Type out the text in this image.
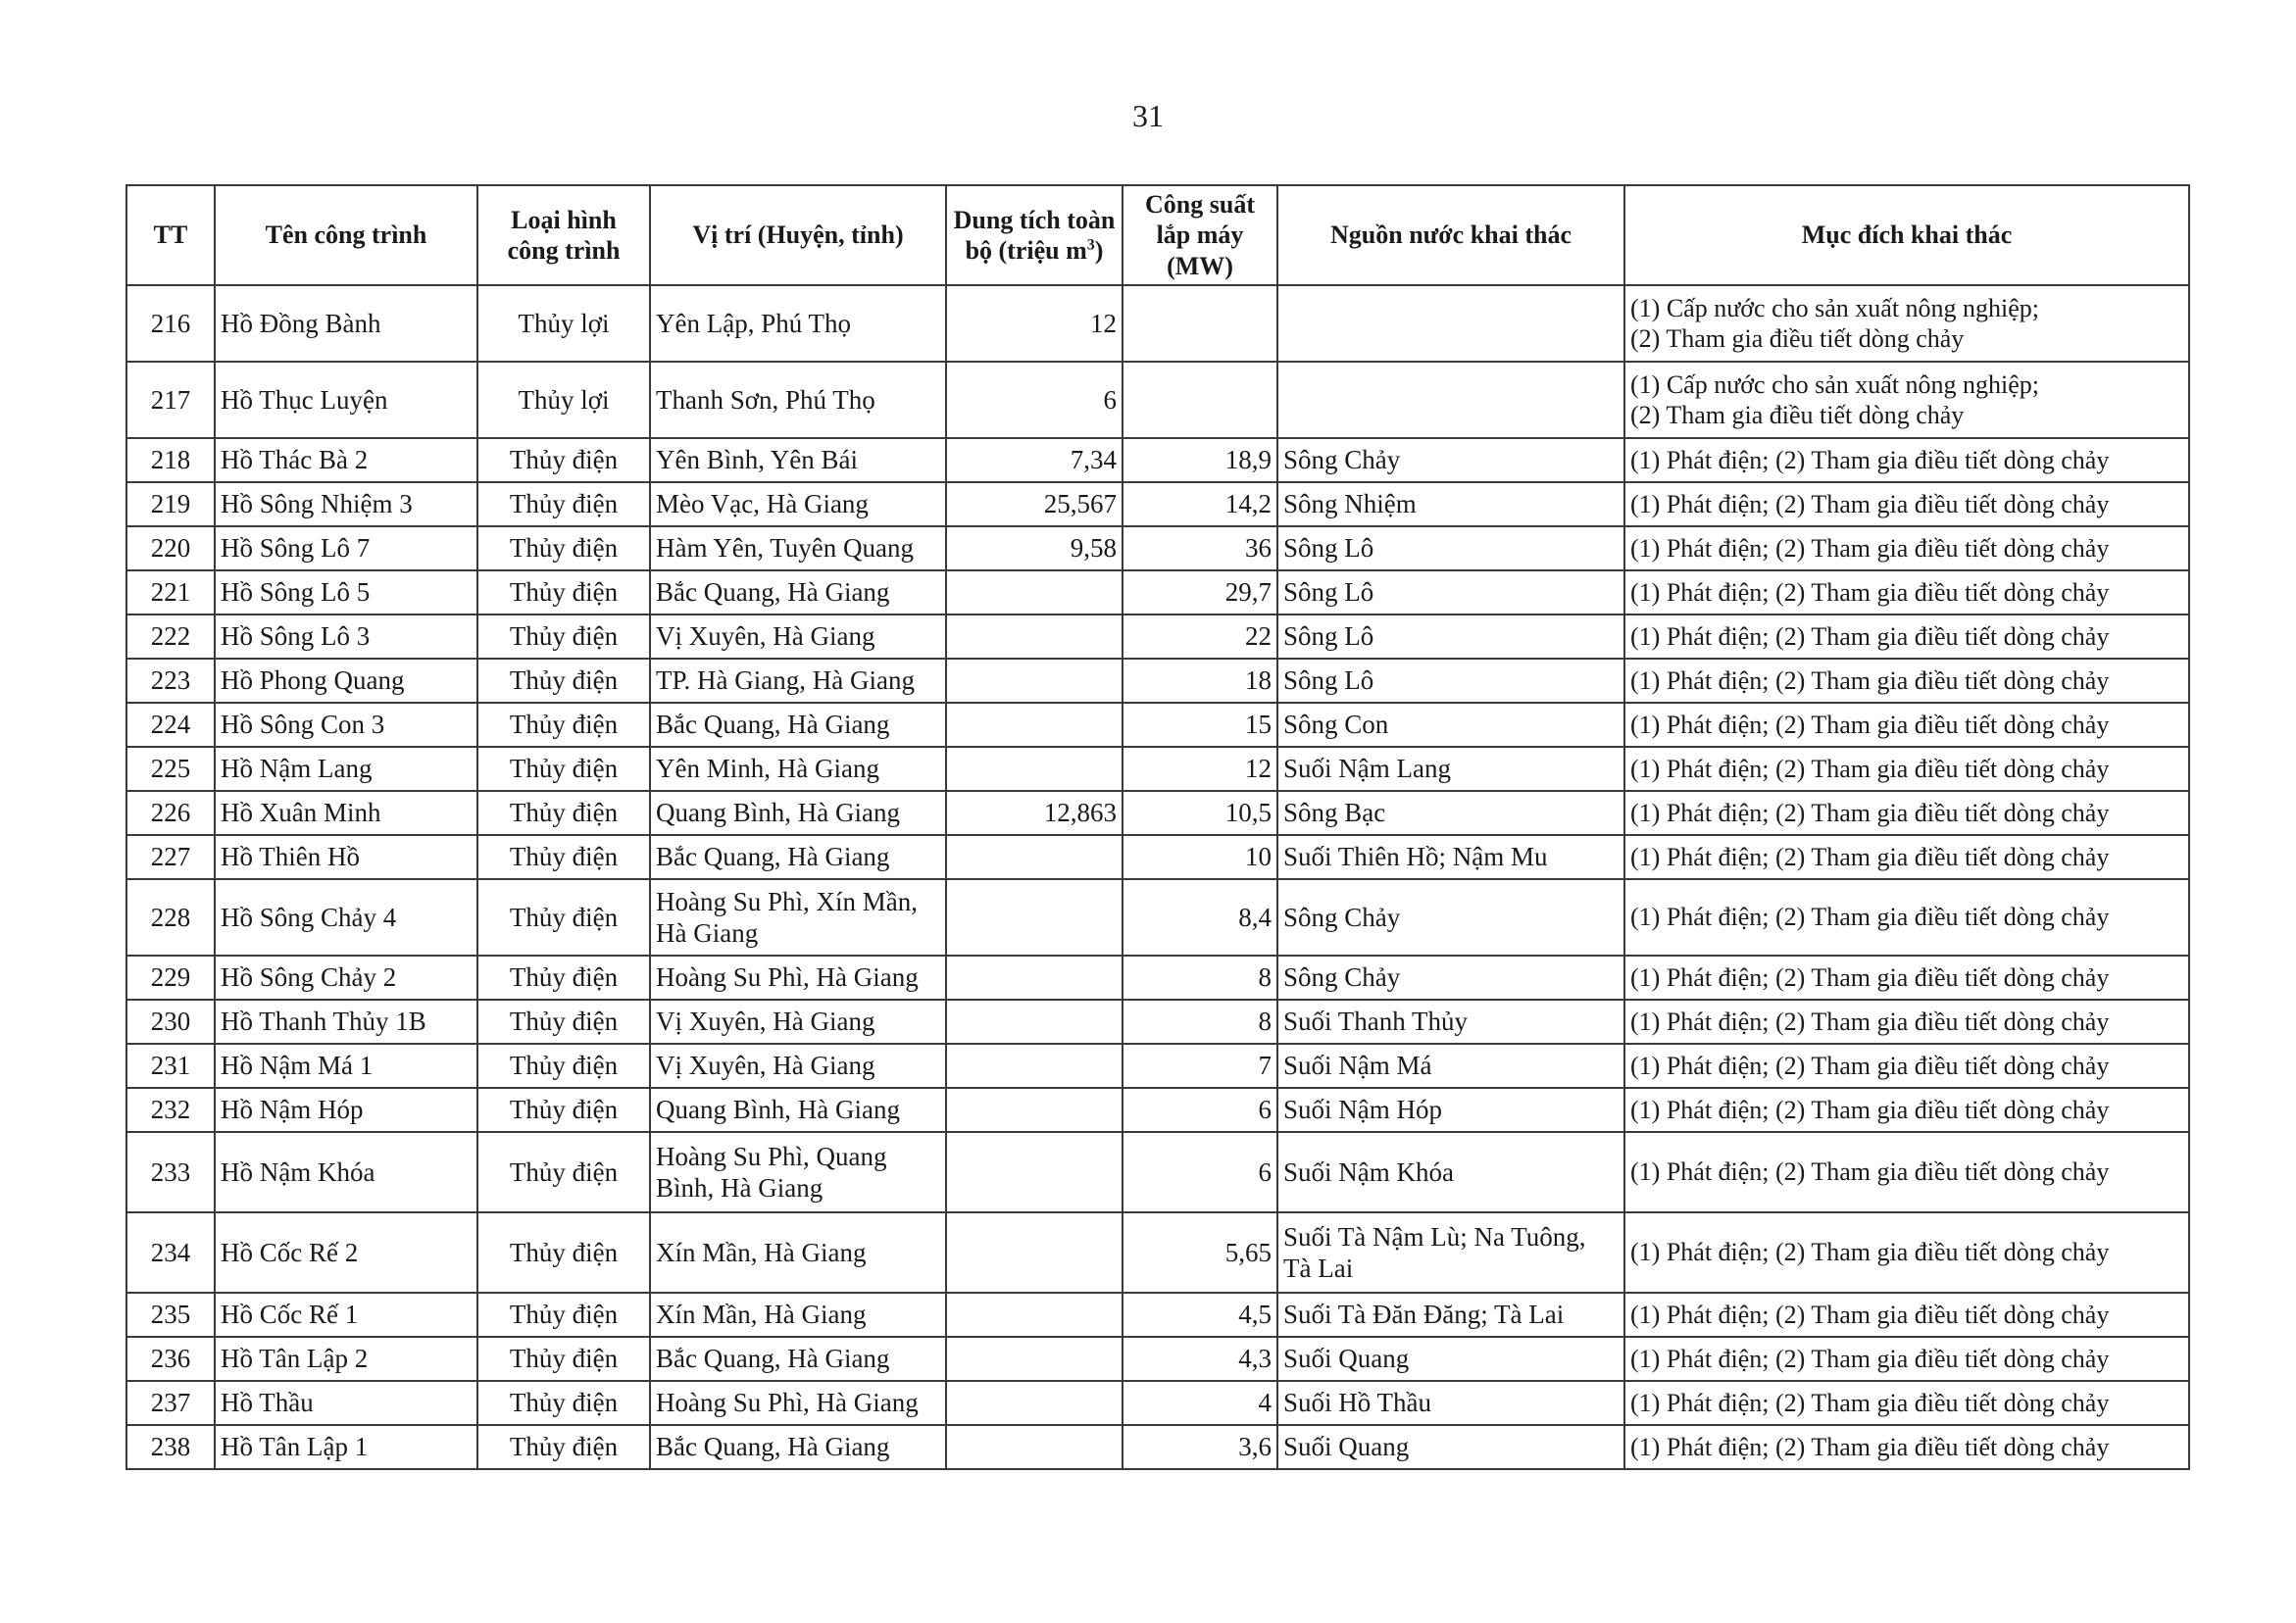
31
TT	Tên công trình	Loại hình công trình	Vị trí (Huyện, tỉnh)	Dung tích toàn bộ (triệu $m^3$)	Công suất lắp máy (MW)	Nguồn nước khai thác	Mục đích khai thác
216	Hồ Đồng Bành	Thủy lợi	Yên Lập, Phú Thọ	12			(1) Cấp nước cho sản xuất nông nghiệp;
(2) Tham gia điều tiết dòng chảy
217	Hồ Thục Luyện	Thủy lợi	Thanh Sơn, Phú Thọ	6			(1) Cấp nước cho sản xuất nông nghiệp;
(2) Tham gia điều tiết dòng chảy
218	Hồ Thác Bà 2	Thủy điện	Yên Bình, Yên Bái	7,34	18,9	Sông Chảy	(1) Phát điện; (2) Tham gia điều tiết dòng chảy
219	Hồ Sông Nhiệm 3	Thủy điện	Mèo Vạc, Hà Giang	25,567	14,2	Sông Nhiệm	(1) Phát điện; (2) Tham gia điều tiết dòng chảy
220	Hồ Sông Lô 7	Thủy điện	Hàm Yên, Tuyên Quang	9,58	36	Sông Lô	(1) Phát điện; (2) Tham gia điều tiết dòng chảy
221	Hồ Sông Lô 5	Thủy điện	Bắc Quang, Hà Giang		29,7	Sông Lô	(1) Phát điện; (2) Tham gia điều tiết dòng chảy
222	Hồ Sông Lô 3	Thủy điện	Vị Xuyên, Hà Giang		22	Sông Lô	(1) Phát điện; (2) Tham gia điều tiết dòng chảy
223	Hồ Phong Quang	Thủy điện	TP. Hà Giang, Hà Giang		18	Sông Lô	(1) Phát điện; (2) Tham gia điều tiết dòng chảy
224	Hồ Sông Con 3	Thủy điện	Bắc Quang, Hà Giang		15	Sông Con	(1) Phát điện; (2) Tham gia điều tiết dòng chảy
225	Hồ Nậm Lang	Thủy điện	Yên Minh, Hà Giang		12	Suối Nậm Lang	(1) Phát điện; (2) Tham gia điều tiết dòng chảy
226	Hồ Xuân Minh	Thủy điện	Quang Bình, Hà Giang	12,863	10,5	Sông Bạc	(1) Phát điện; (2) Tham gia điều tiết dòng chảy
227	Hồ Thiên Hồ	Thủy điện	Bắc Quang, Hà Giang		10	Suối Thiên Hồ; Nậm Mu	(1) Phát điện; (2) Tham gia điều tiết dòng chảy
228	Hồ Sông Chảy 4	Thủy điện	Hoàng Su Phì, Xín Mần, Hà Giang		8,4	Sông Chảy	(1) Phát điện; (2) Tham gia điều tiết dòng chảy
229	Hồ Sông Chảy 2	Thủy điện	Hoàng Su Phì, Hà Giang		8	Sông Chảy	(1) Phát điện; (2) Tham gia điều tiết dòng chảy
230	Hồ Thanh Thủy 1B	Thủy điện	Vị Xuyên, Hà Giang		8	Suối Thanh Thủy	(1) Phát điện; (2) Tham gia điều tiết dòng chảy
231	Hồ Nậm Má 1	Thủy điện	Vị Xuyên, Hà Giang		7	Suối Nậm Má	(1) Phát điện; (2) Tham gia điều tiết dòng chảy
232	Hồ Nậm Hóp	Thủy điện	Quang Bình, Hà Giang		6	Suối Nậm Hóp	(1) Phát điện; (2) Tham gia điều tiết dòng chảy
233	Hồ Nậm Khóa	Thủy điện	Hoàng Su Phì, Quang Bình, Hà Giang		6	Suối Nậm Khóa	(1) Phát điện; (2) Tham gia điều tiết dòng chảy
234	Hồ Cốc Rế 2	Thủy điện	Xín Mần, Hà Giang		5,65	Suối Tà Nậm Lù; Na Tuông, Tà Lai	(1) Phát điện; (2) Tham gia điều tiết dòng chảy
235	Hồ Cốc Rế 1	Thủy điện	Xín Mần, Hà Giang		4,5	Suối Tà Đăn Đăng; Tà Lai	(1) Phát điện; (2) Tham gia điều tiết dòng chảy
236	Hồ Tân Lập 2	Thủy điện	Bắc Quang, Hà Giang		4,3	Suối Quang	(1) Phát điện; (2) Tham gia điều tiết dòng chảy
237	Hồ Thầu	Thủy điện	Hoàng Su Phì, Hà Giang		4	Suối Hồ Thầu	(1) Phát điện; (2) Tham gia điều tiết dòng chảy
238	Hồ Tân Lập 1	Thủy điện	Bắc Quang, Hà Giang		3,6	Suối Quang	(1) Phát điện; (2) Tham gia điều tiết dòng chảy
